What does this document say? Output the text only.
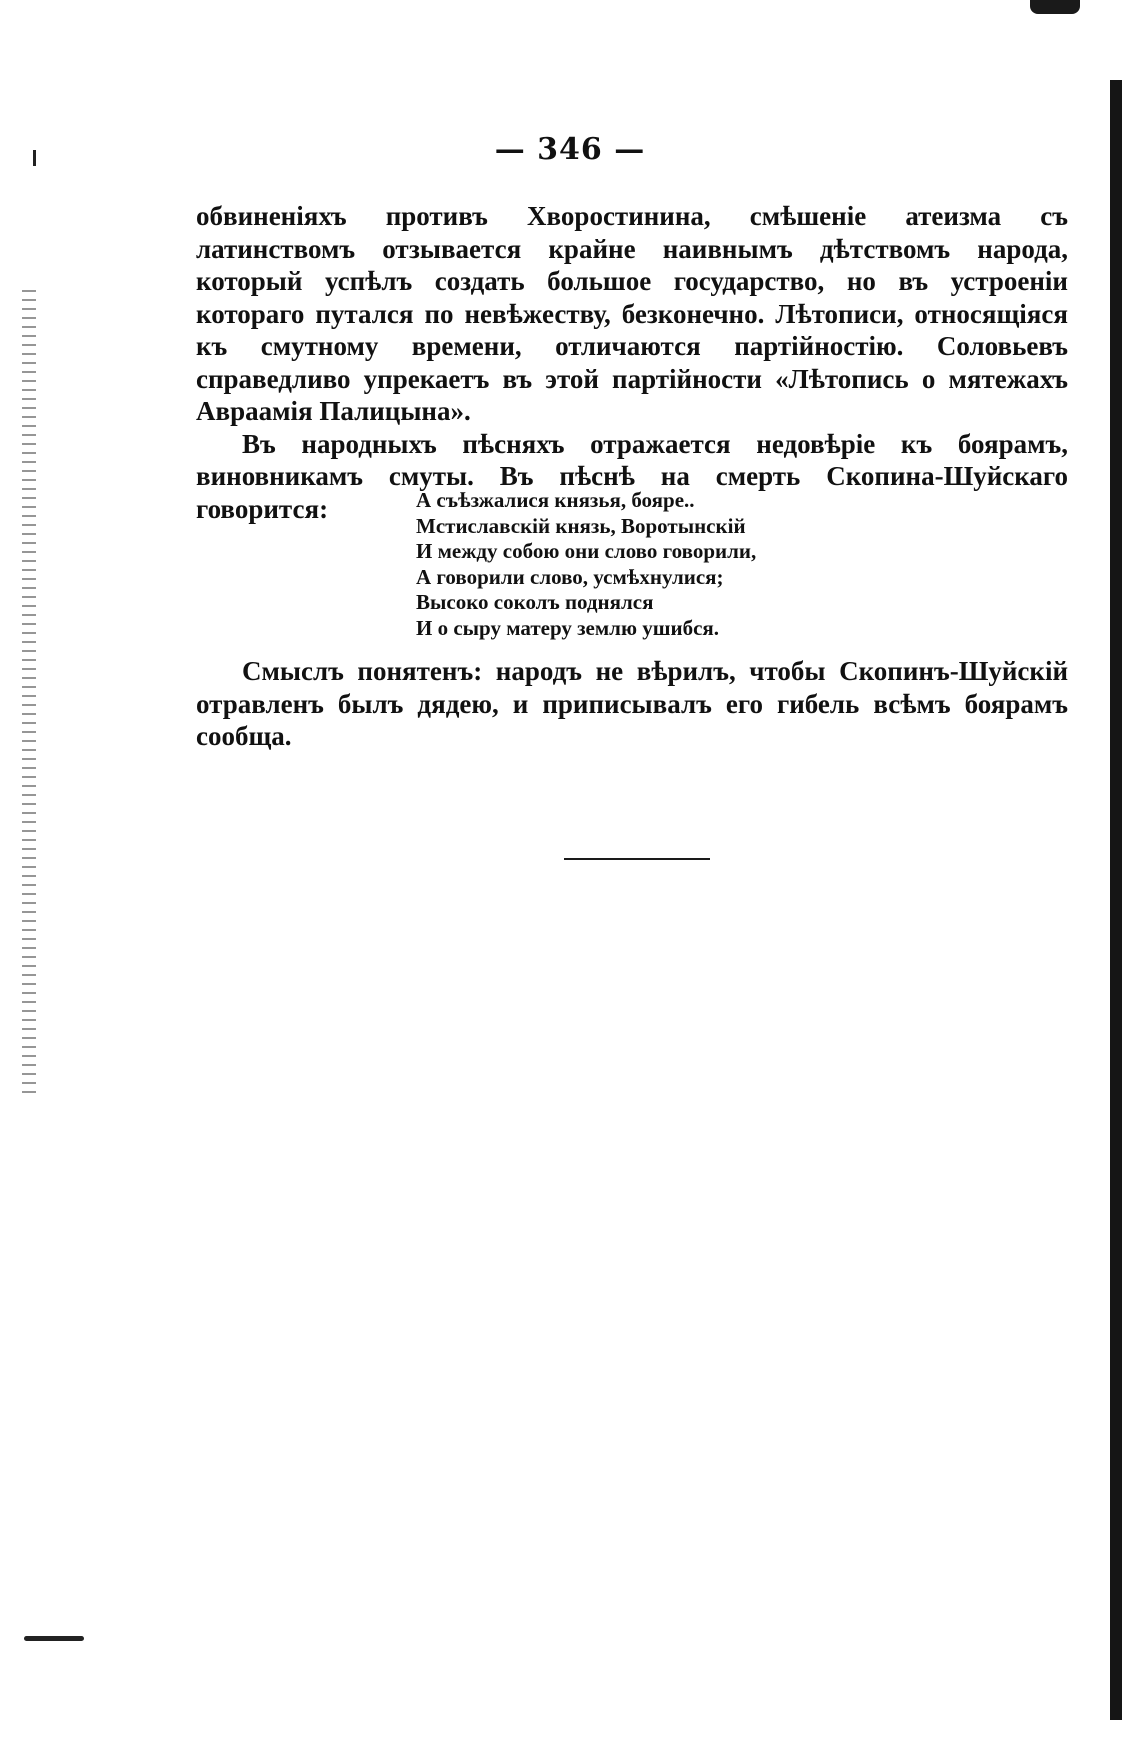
— 346 —

обвиненіяхъ противъ Хворостинина, смѣшеніе атеизма съ латинствомъ отзывается крайне наивнымъ дѣтствомъ народа, который успѣлъ создать большое государство, но въ устроеніи котораго путался по невѣжеству, безконечно. Лѣтописи, относящіяся къ смутному времени, отличаются партійностію. Соловьевъ справедливо упрекаетъ въ этой партійности «Лѣтопись о мятежахъ Авраамія Палицына».

Въ народныхъ пѣсняхъ отражается недовѣріе къ боярамъ, виновникамъ смуты. Въ пѣснѣ на смерть Скопина-Шуйскаго говорится:	А съѣзжалися князья, бояре..
Мстиславскій князь, Воротынскій
И между собою они слово говорили,
А говорили слово, усмѣхнулися;
Высоко соколъ поднялся
И о сыру матеру землю ушибся.

Смыслъ понятенъ: народъ не вѣрилъ, чтобы Скопинъ-Шуйскій отравленъ былъ дядею, и приписывалъ его гибель всѣмъ боярамъ сообща.
